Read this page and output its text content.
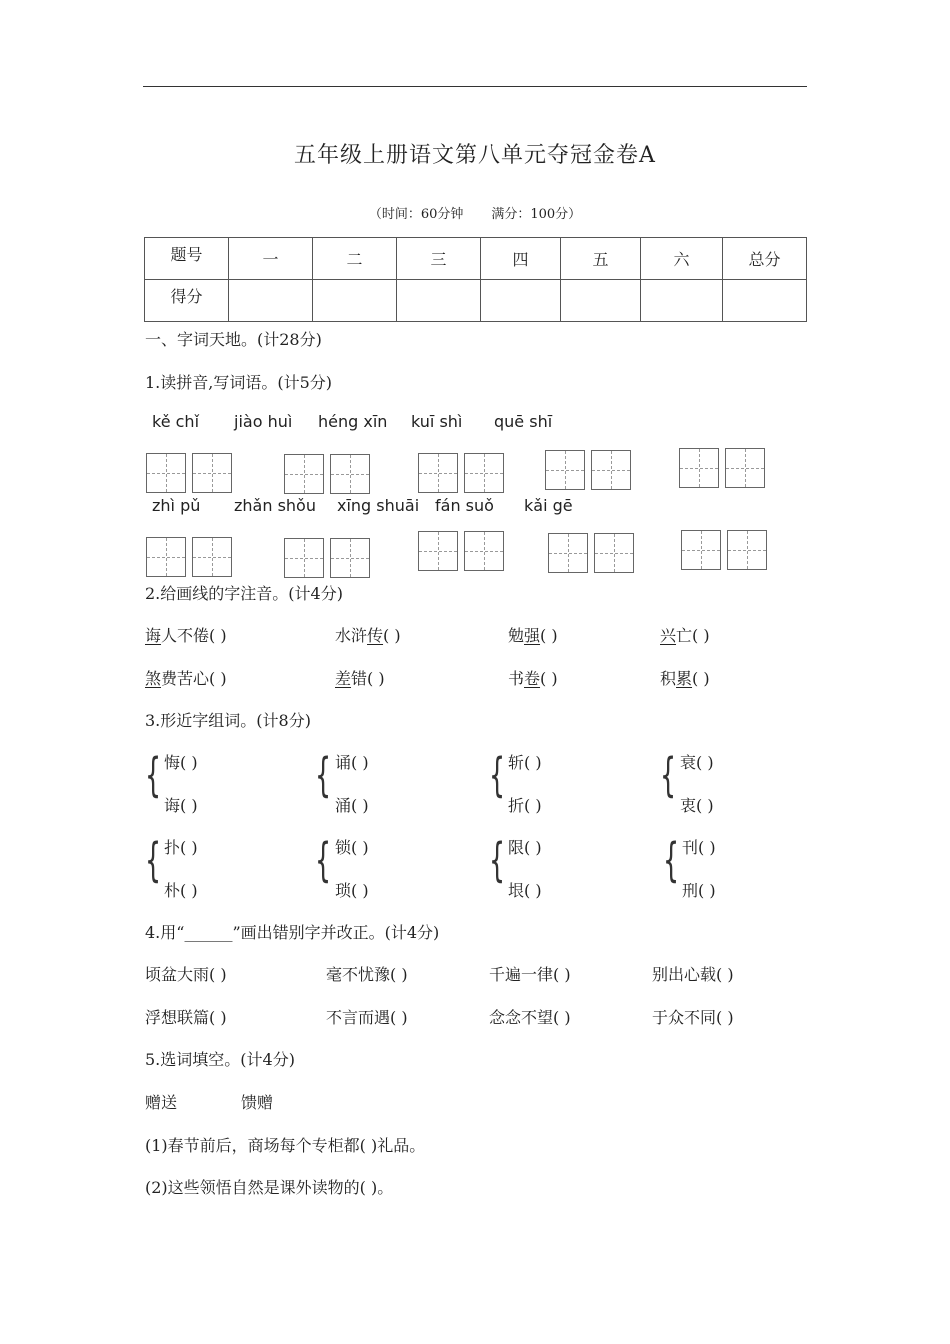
五年级上册语文第八单元夺冠金卷A
（时间：60分钟 满分：100分）
题号	一	二	三	四	五	六	总分
得分							
一、字词天地。(计28分)
1.读拼音,写词语。(计5分)
kě chǐ jiào huì héng xīn kuī shì quē shī
zhì pǔ zhǎn shǒu xīng shuāi fán suǒ kǎi gē
2.给画线的字注音。(计4分)
诲人不倦( )	水浒传( )	勉强( )	兴亡( )
煞费苦心( )	差错( )	书卷( )	积累( )
3.形近字组词。(计8分)
{ 悔( )
诲( )
{ 诵( )
涌( )
{ 斩( )
折( )
{ 衰( )
衷( )
{ 扑( )
朴( )
{ 锁( )
琐( )
{ 限( )
垠( )
{ 刊( )
刑( )
4.用“______”画出错别字并改正。(计4分)
顷盆大雨( )	毫不忧豫( )	千遍一律( )	别出心载( )
浮想联篇( )	不言而遇( )	念念不望( )	于众不同( )
5.选词填空。(计4分)
赠送	馈赠
(1)春节前后，商场每个专柜都( )礼品。
(2)这些领悟自然是课外读物的( )。
